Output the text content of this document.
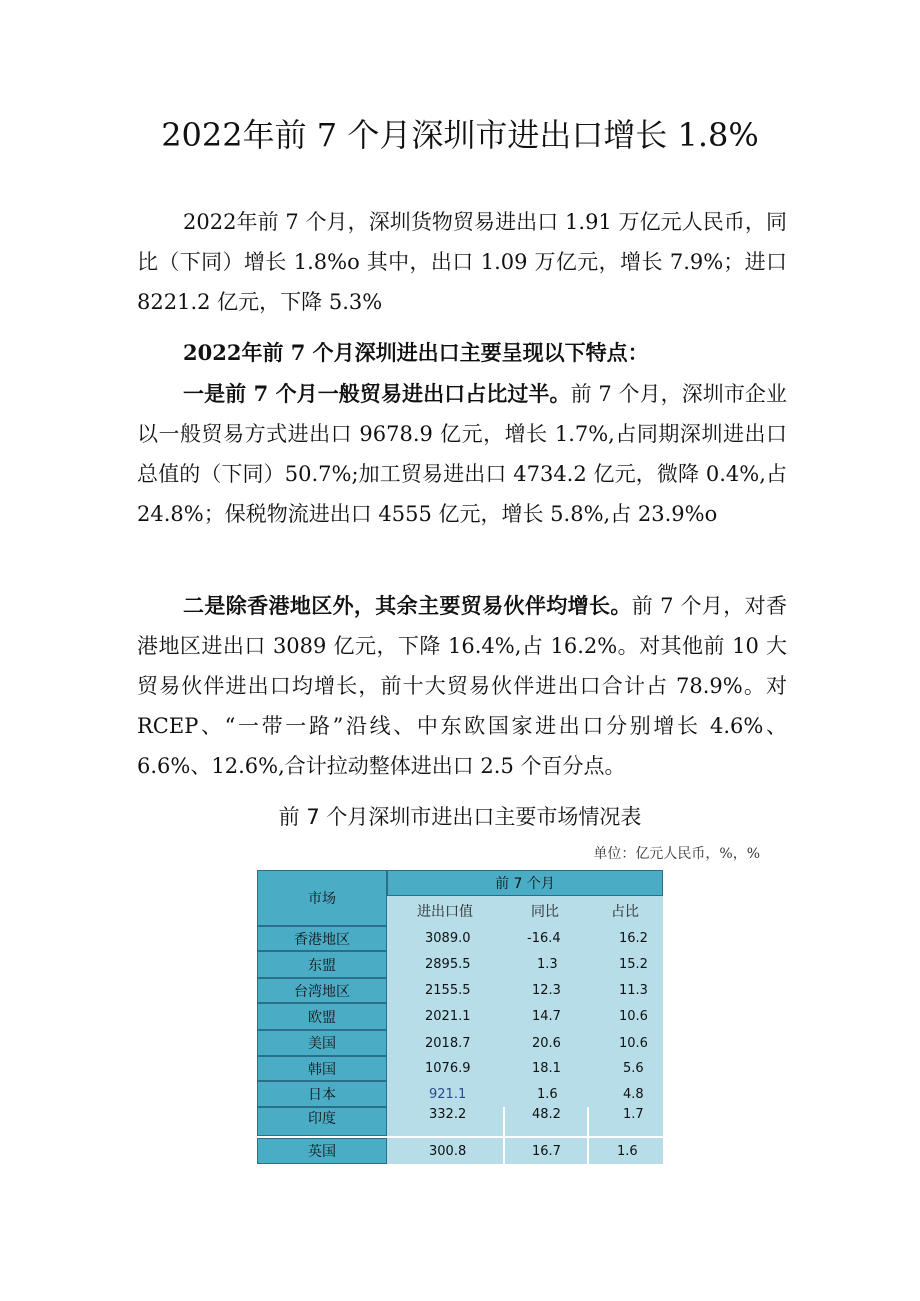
2022年前 7 个月深圳市进出口增长 1.8%

2022年前 7 个月，深圳货物贸易进出口 1.91 万亿元人民币，同比（下同）增长 1.8%o 其中，出口 1.09 万亿元，增长 7.9%；进口 8221.2 亿元，下降 5.3%

2022年前 7 个月深圳进出口主要呈现以下特点：

一是前 7 个月一般贸易进出口占比过半。前 7 个月，深圳市企业以一般贸易方式进出口 9678.9 亿元，增长 1.7%,占同期深圳进出口总值的（下同）50.7%;加工贸易进出口 4734.2 亿元，微降 0.4%,占 24.8%；保税物流进出口 4555 亿元，增长 5.8%,占 23.9%o

二是除香港地区外，其余主要贸易伙伴均增长。前 7 个月，对香港地区进出口 3089 亿元，下降 16.4%,占 16.2%。对其他前 10 大贸易伙伴进出口均增长，前十大贸易伙伴进出口合计占 78.9%。对 RCEP、“一带一路”沿线、中东欧国家进出口分别增长 4.6%、6.6%、12.6%,合计拉动整体进出口 2.5 个百分点。

前 7 个月深圳市进出口主要市场情况表
单位：亿元人民币，%，%
市场
前 7 个月
进出口值	同比	占比
香港地区	3089.0	-16.4	16.2
东盟	2895.5	1.3	15.2
台湾地区	2155.5	12.3	11.3
欧盟	2021.1	14.7	10.6
美国	2018.7	20.6	10.6
韩国	1076.9	18.1	5.6
日本	921.1	1.6	4.8
印度	332.2	48.2	1.7
英国	300.8	16.7	1.6
